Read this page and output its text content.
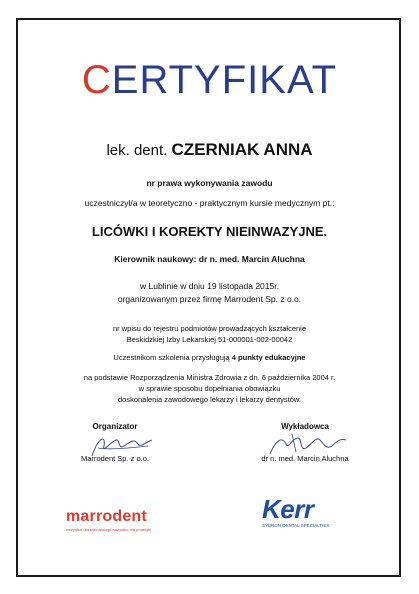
CERTYFIKAT
lek. dent. CZERNIAK ANNA
nr prawa wykonywania zawodu
uczestniczył/a w teoretyczno - praktycznym kursie medycznym pt.:
LICÓWKI I KOREKTY NIEINWAZYJNE.
Kierownik naukowy: dr n. med. Marcin Aluchna
w Lublinie w dniu 19 listopada 2015r.
organizowanym przez firmę Marrodent Sp. z o.o.
nr wpisu do rejestru podmiotów prowadzących kształcenie
Beskidzkiej Izby Lekarskiej 51-000001-002-00042
Uczestnikom szkolenia przysługują 4 punkty edukacyjne
na podstawie Rozporządzenia Ministra Zdrowia z dn. 6 października 2004 r.
w sprawie sposobu dopełniania obowiązku
doskonalenia zawodowego lekarzy i lekarzy dentystów.
Organizator
Marrodent Sp. z o.o.
Wykładowca
dr n. med. Marcin Aluchna
marrodent
wszystko dla stomatologii wszystko dla protetyki
Kerr
SYBRON DENTAL SPECIALTIES
